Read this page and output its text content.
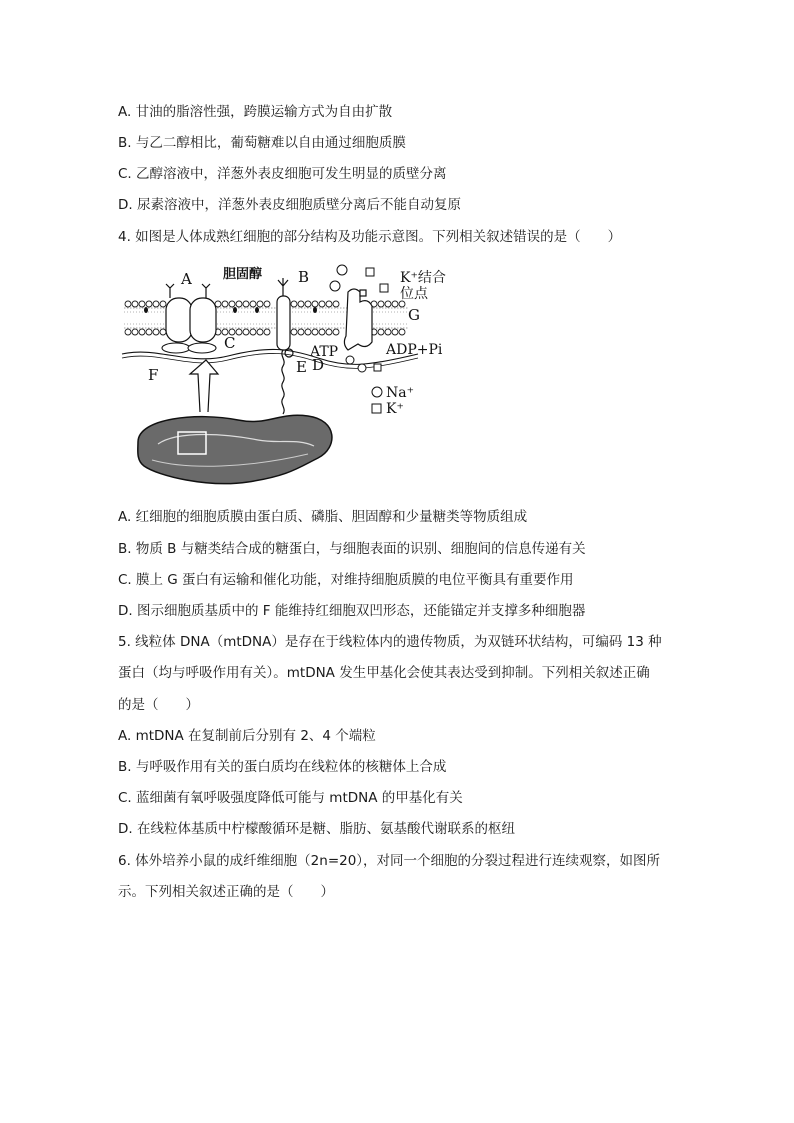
A. 甘油的脂溶性强，跨膜运输方式为自由扩散
B. 与乙二醇相比，葡萄糖难以自由通过细胞质膜
C. 乙醇溶液中，洋葱外表皮细胞可发生明显的质壁分离
D. 尿素溶液中，洋葱外表皮细胞质壁分离后不能自动复原
4. 如图是人体成熟红细胞的部分结构及功能示意图。下列相关叙述错误的是（　　）
A 胆固醇 B	K⁺结合
位点
G
C	ATP	ADP+Pi
E D
F
Na⁺
K⁺
A. 红细胞的细胞质膜由蛋白质、磷脂、胆固醇和少量糖类等物质组成
B. 物质 B 与糖类结合成的糖蛋白，与细胞表面的识别、细胞间的信息传递有关
C. 膜上 G 蛋白有运输和催化功能，对维持细胞质膜的电位平衡具有重要作用
D. 图示细胞质基质中的 F 能维持红细胞双凹形态，还能锚定并支撑多种细胞器
5. 线粒体 DNA（mtDNA）是存在于线粒体内的遗传物质，为双链环状结构，可编码 13 种
蛋白（均与呼吸作用有关）。mtDNA 发生甲基化会使其表达受到抑制。下列相关叙述正确
的是（　　）
A. mtDNA 在复制前后分别有 2、4 个端粒
B. 与呼吸作用有关的蛋白质均在线粒体的核糖体上合成
C. 蓝细菌有氧呼吸强度降低可能与 mtDNA 的甲基化有关
D. 在线粒体基质中柠檬酸循环是糖、脂肪、氨基酸代谢联系的枢纽
6. 体外培养小鼠的成纤维细胞（2n=20），对同一个细胞的分裂过程进行连续观察，如图所
示。下列相关叙述正确的是（　　）
